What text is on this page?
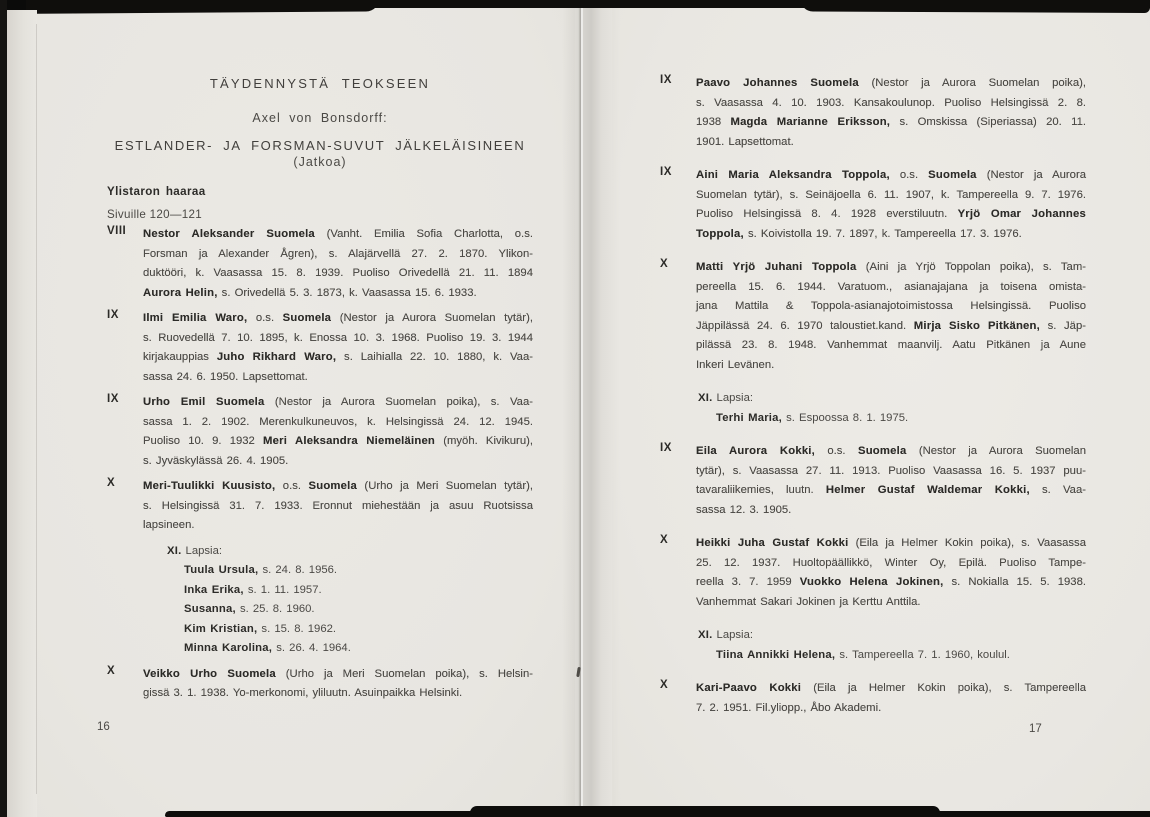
TÄYDENNYSTÄ TEOKSEEN
Axel von Bonsdorff:
ESTLANDER- JA FORSMAN-SUVUT JÄLKELÄISINEEN
(Jatkoa)
Ylistaron haaraa
Sivuille 120—121
VIII Nestor Aleksander Suomela (Vanht. Emilia Sofia Charlotta, o.s.
Forsman ja Alexander Ågren), s. Alajärvellä 27. 2. 1870. Ylikon-
duktööri, k. Vaasassa 15. 8. 1939. Puoliso Orivedellä 21. 11. 1894
Aurora Helin, s. Orivedellä 5. 3. 1873, k. Vaasassa 15. 6. 1933.
IX Ilmi Emilia Waro, o.s. Suomela (Nestor ja Aurora Suomelan tytär),
s. Ruovedellä 7. 10. 1895, k. Enossa 10. 3. 1968. Puoliso 19. 3. 1944
kirjakauppias Juho Rikhard Waro, s. Laihialla 22. 10. 1880, k. Vaa-
sassa 24. 6. 1950. Lapsettomat.
IX Urho Emil Suomela (Nestor ja Aurora Suomelan poika), s. Vaa-
sassa 1. 2. 1902. Merenkulkuneuvos, k. Helsingissä 24. 12. 1945.
Puoliso 10. 9. 1932 Meri Aleksandra Niemeläinen (myöh. Kivikuru),
s. Jyväskylässä 26. 4. 1905.
X Meri-Tuulikki Kuusisto, o.s. Suomela (Urho ja Meri Suomelan tytär),
s. Helsingissä 31. 7. 1933. Eronnut miehestään ja asuu Ruotsissa
lapsineen.
XI. Lapsia:
Tuula Ursula, s. 24. 8. 1956.
Inka Erika, s. 1. 11. 1957.
Susanna, s. 25. 8. 1960.
Kim Kristian, s. 15. 8. 1962.
Minna Karolina, s. 26. 4. 1964.
X Veikko Urho Suomela (Urho ja Meri Suomelan poika), s. Helsin-
gissä 3. 1. 1938. Yo-merkonomi, yliluutn. Asuinpaikka Helsinki.
16
IX Paavo Johannes Suomela (Nestor ja Aurora Suomelan poika),
s. Vaasassa 4. 10. 1903. Kansakoulunop. Puoliso Helsingissä 2. 8.
1938 Magda Marianne Eriksson, s. Omskissa (Siperiassa) 20. 11.
1901. Lapsettomat.
IX Aini Maria Aleksandra Toppola, o.s. Suomela (Nestor ja Aurora
Suomelan tytär), s. Seinäjoella 6. 11. 1907, k. Tampereella 9. 7. 1976.
Puoliso Helsingissä 8. 4. 1928 everstiluutn. Yrjö Omar Johannes
Toppola, s. Koivistolla 19. 7. 1897, k. Tampereella 17. 3. 1976.
X Matti Yrjö Juhani Toppola (Aini ja Yrjö Toppolan poika), s. Tam-
pereella 15. 6. 1944. Varatuom., asianajajana ja toisena omista-
jana Mattila & Toppola-asianajotoimistossa Helsingissä. Puoliso
Jäppilässä 24. 6. 1970 taloustiet.kand. Mirja Sisko Pitkänen, s. Jäp-
pilässä 23. 8. 1948. Vanhemmat maanvilj. Aatu Pitkänen ja Aune
Inkeri Levänen.
XI. Lapsia:
Terhi Maria, s. Espoossa 8. 1. 1975.
IX Eila Aurora Kokki, o.s. Suomela (Nestor ja Aurora Suomelan
tytär), s. Vaasassa 27. 11. 1913. Puoliso Vaasassa 16. 5. 1937 puu-
tavaraliikemies, luutn. Helmer Gustaf Waldemar Kokki, s. Vaa-
sassa 12. 3. 1905.
X Heikki Juha Gustaf Kokki (Eila ja Helmer Kokin poika), s. Vaasassa
25. 12. 1937. Huoltopäällikkö, Winter Oy, Epilä. Puoliso Tampe-
reella 3. 7. 1959 Vuokko Helena Jokinen, s. Nokialla 15. 5. 1938.
Vanhemmat Sakari Jokinen ja Kerttu Anttila.
XI. Lapsia:
Tiina Annikki Helena, s. Tampereella 7. 1. 1960, koulul.
X Kari-Paavo Kokki (Eila ja Helmer Kokin poika), s. Tampereella
7. 2. 1951. Fil.yliopp., Åbo Akademi.
17
